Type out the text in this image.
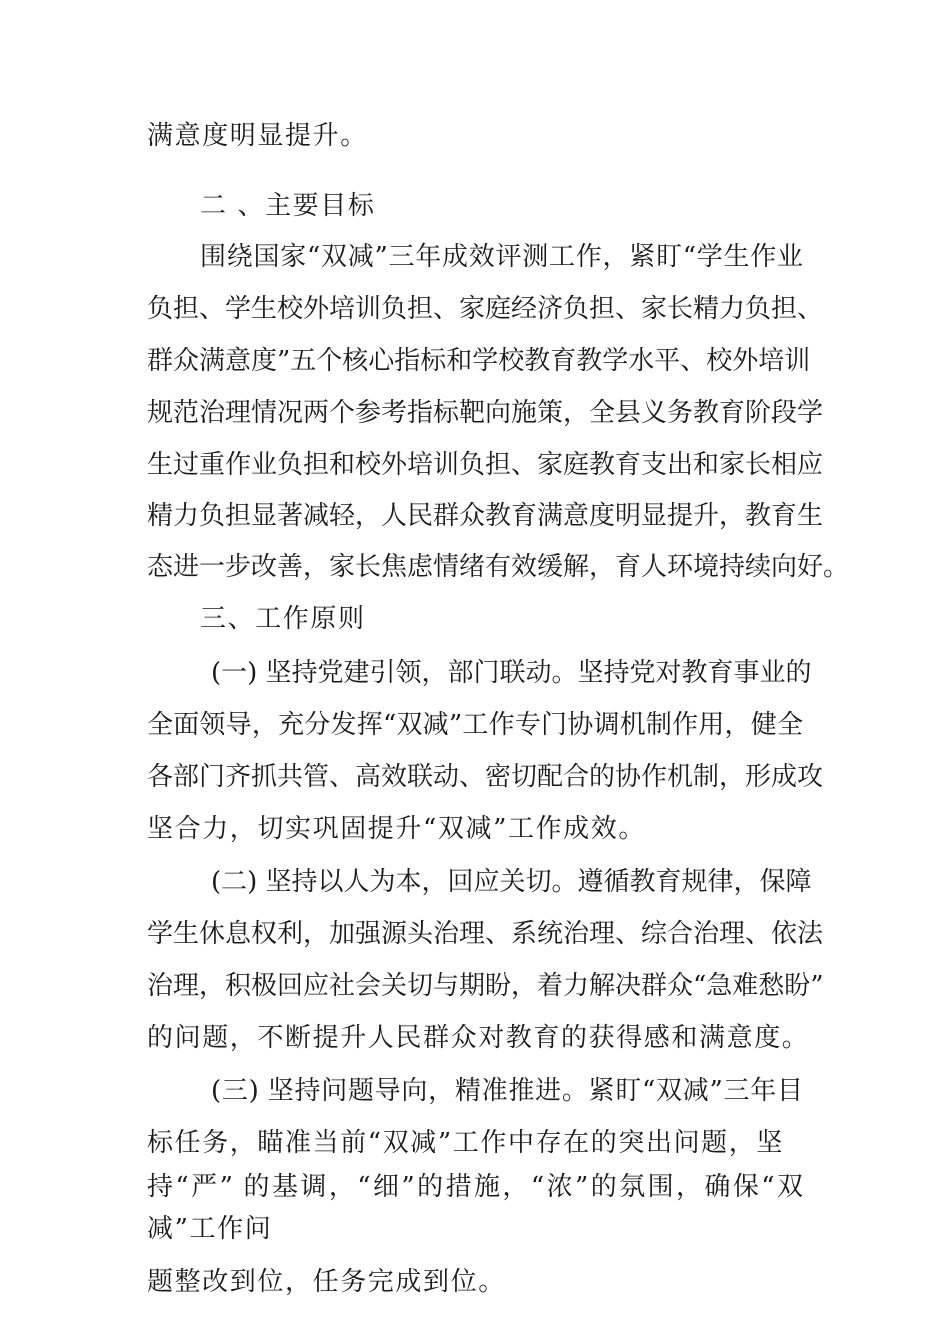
满意度明显提升。
二 、主要目标
围绕国家“双减”三年成效评测工作，紧盯“学生作业
负担、学生校外培训负担、家庭经济负担、家长精力负担、
群众满意度”五个核心指标和学校教育教学水平、校外培训
规范治理情况两个参考指标靶向施策，全县义务教育阶段学
生过重作业负担和校外培训负担、家庭教育支出和家长相应
精力负担显著减轻，人民群众教育满意度明显提升，教育生
态进一步改善，家长焦虑情绪有效缓解，育人环境持续向好。
三、工作原则
(一) 坚持党建引领，部门联动。坚持党对教育事业的
全面领导，充分发挥“双减”工作专门协调机制作用，健全
各部门齐抓共管、高效联动、密切配合的协作机制，形成攻
坚合力，切实巩固提升“双减”工作成效。
(二) 坚持以人为本，回应关切。遵循教育规律，保障
学生休息权利，加强源头治理、系统治理、综合治理、依法
治理，积极回应社会关切与期盼，着力解决群众“急难愁盼”
的问题，不断提升人民群众对教育的获得感和满意度。
(三) 坚持问题导向，精准推进。紧盯“双减”三年目
标任务，瞄准当前“双减”工作中存在的突出问题，坚
持“严” 的基调，“细”的措施，“浓”的氛围，确保“双
减”工作问
题整改到位，任务完成到位。
